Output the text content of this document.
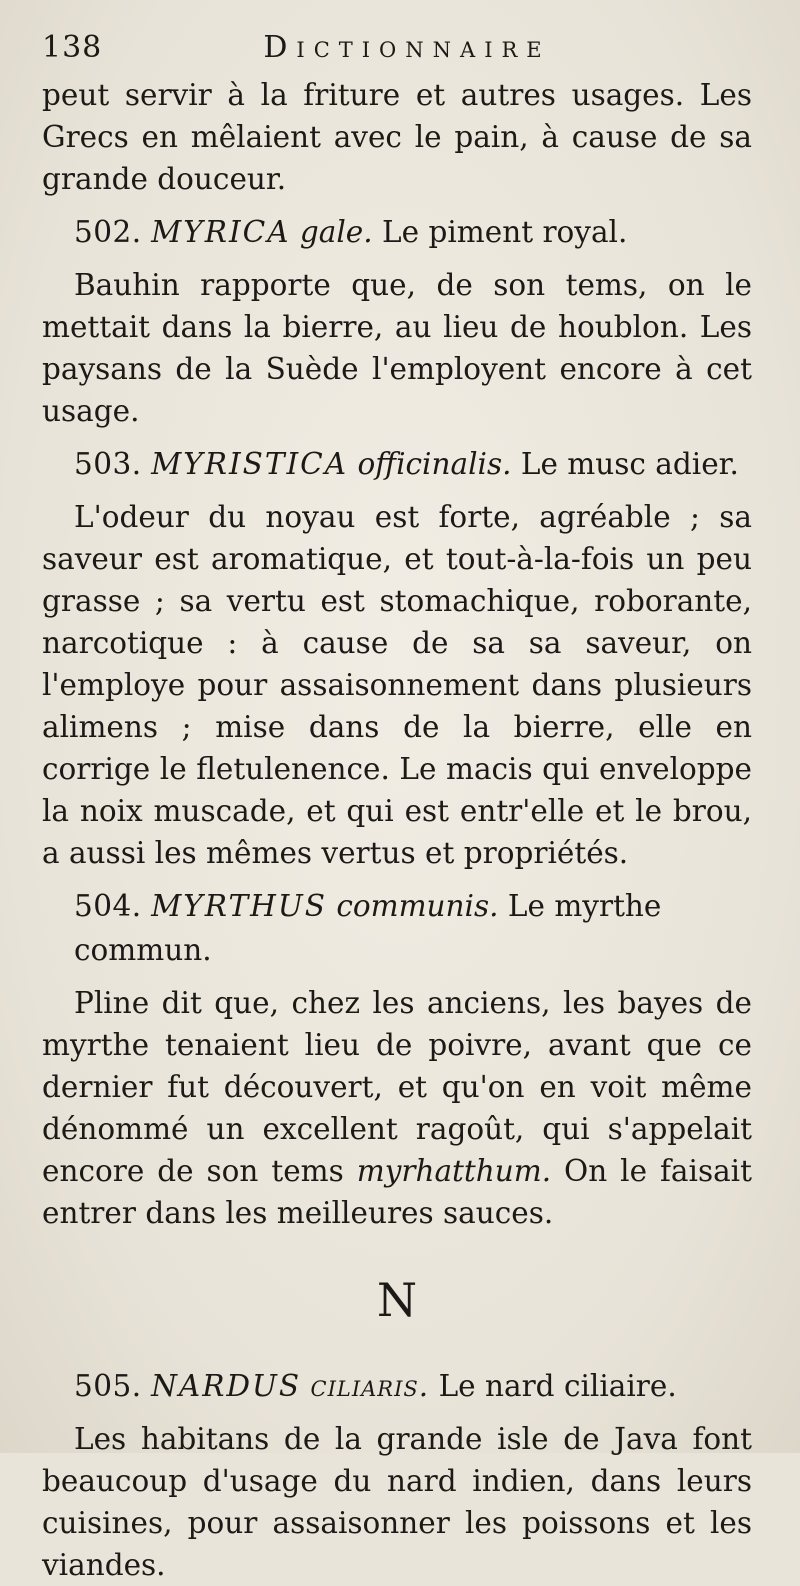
138	Dictionnaire

peut servir à la friture et autres usages. Les Grecs en mêlaient avec le pain, à cause de sa grande douceur.

502. MYRICA gale. Le piment royal.

Bauhin rapporte que, de son tems, on le mettait dans la bierre, au lieu de houblon. Les paysans de la Suède l'employent encore à cet usage.

503. MYRISTICA officinalis. Le musc adier.

L'odeur du noyau est forte, agréable ; sa saveur est aromatique, et tout-à-la-fois un peu grasse ; sa vertu est stomachique, roborante, narcotique : à cause de sa sa saveur, on l'employe pour assaisonnement dans plusieurs alimens ; mise dans de la bierre, elle en corrige le fletulenence. Le macis qui enveloppe la noix muscade, et qui est entr'elle et le brou, a aussi les mêmes vertus et propriétés.

504. MYRTHUS communis. Le myrthe commun.

Pline dit que, chez les anciens, les bayes de myrthe tenaient lieu de poivre, avant que ce dernier fut découvert, et qu'on en voit même dénommé un excellent ragoût, qui s'appelait encore de son tems myrhatthum. On le faisait entrer dans les meilleures sauces.

N
505. NARDUS ciliaris. Le nard ciliaire.

Les habitans de la grande isle de Java font beaucoup d'usage du nard indien, dans leurs cuisines, pour assaisonner les poissons et les viandes.
